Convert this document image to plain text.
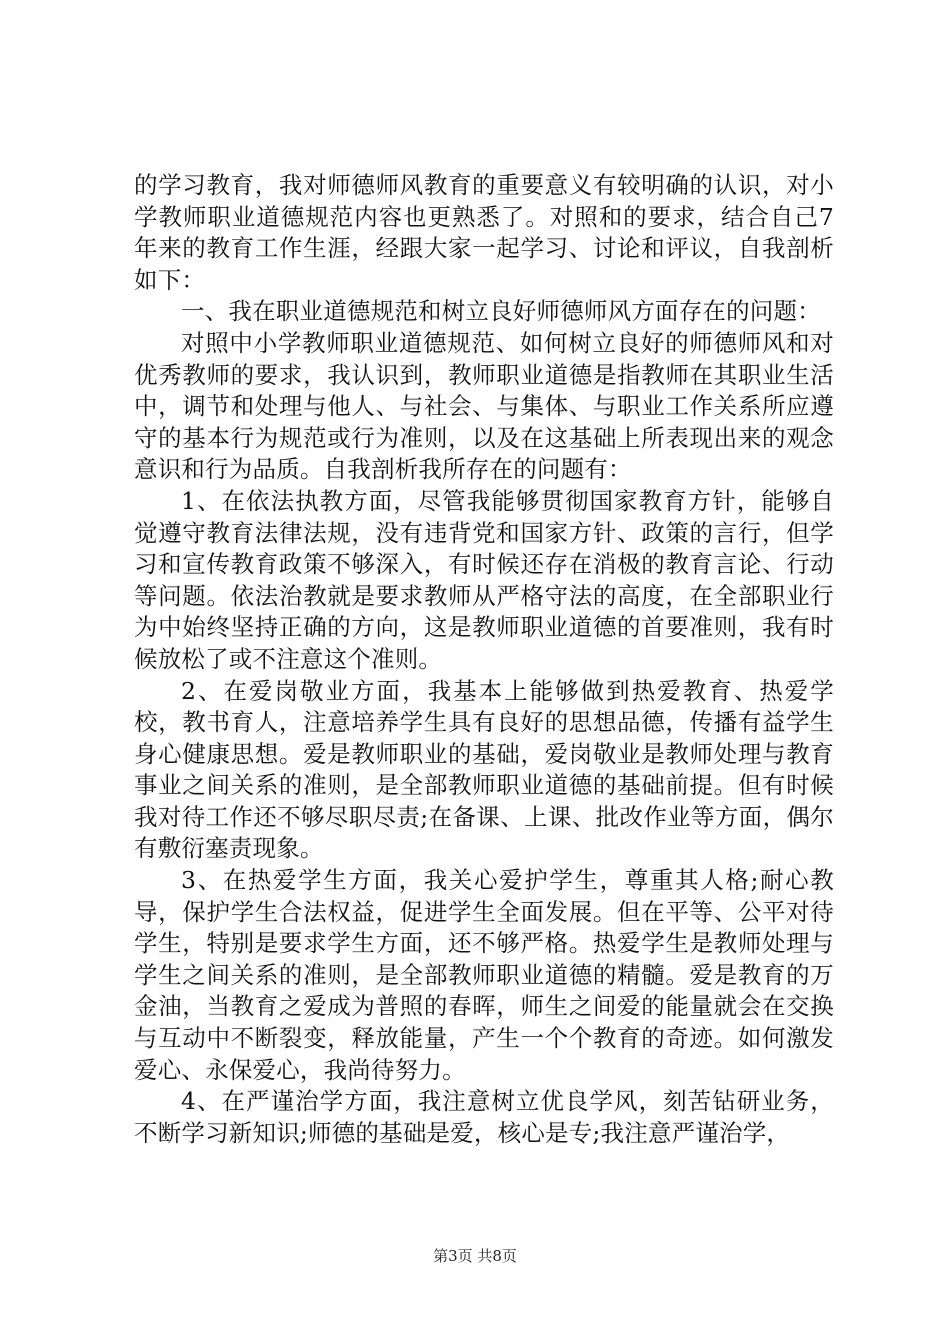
的学习教育，我对师德师风教育的重要意义有较明确的认识，对小学教师职业道德规范内容也更熟悉了。对照和的要求，结合自己7年来的教育工作生涯，经跟大家一起学习、讨论和评议，自我剖析如下：

一、我在职业道德规范和树立良好师德师风方面存在的问题：

对照中小学教师职业道德规范、如何树立良好的师德师风和对优秀教师的要求，我认识到，教师职业道德是指教师在其职业生活中，调节和处理与他人、与社会、与集体、与职业工作关系所应遵守的基本行为规范或行为准则，以及在这基础上所表现出来的观念意识和行为品质。自我剖析我所存在的问题有：

1、在依法执教方面，尽管我能够贯彻国家教育方针，能够自觉遵守教育法律法规，没有违背党和国家方针、政策的言行，但学习和宣传教育政策不够深入，有时候还存在消极的教育言论、行动等问题。依法治教就是要求教师从严格守法的高度，在全部职业行为中始终坚持正确的方向，这是教师职业道德的首要准则，我有时候放松了或不注意这个准则。

2、在爱岗敬业方面，我基本上能够做到热爱教育、热爱学校，教书育人，注意培养学生具有良好的思想品德，传播有益学生身心健康思想。爱是教师职业的基础，爱岗敬业是教师处理与教育事业之间关系的准则，是全部教师职业道德的基础前提。但有时候我对待工作还不够尽职尽责;在备课、上课、批改作业等方面，偶尔有敷衍塞责现象。

3、在热爱学生方面，我关心爱护学生，尊重其人格;耐心教导，保护学生合法权益，促进学生全面发展。但在平等、公平对待学生，特别是要求学生方面，还不够严格。热爱学生是教师处理与学生之间关系的准则，是全部教师职业道德的精髓。爱是教育的万金油，当教育之爱成为普照的春晖，师生之间爱的能量就会在交换与互动中不断裂变，释放能量，产生一个个教育的奇迹。如何激发爱心、永保爱心，我尚待努力。

4、在严谨治学方面，我注意树立优良学风，刻苦钻研业务，不断学习新知识;师德的基础是爱，核心是专;我注意严谨治学，

第3页 共8页
